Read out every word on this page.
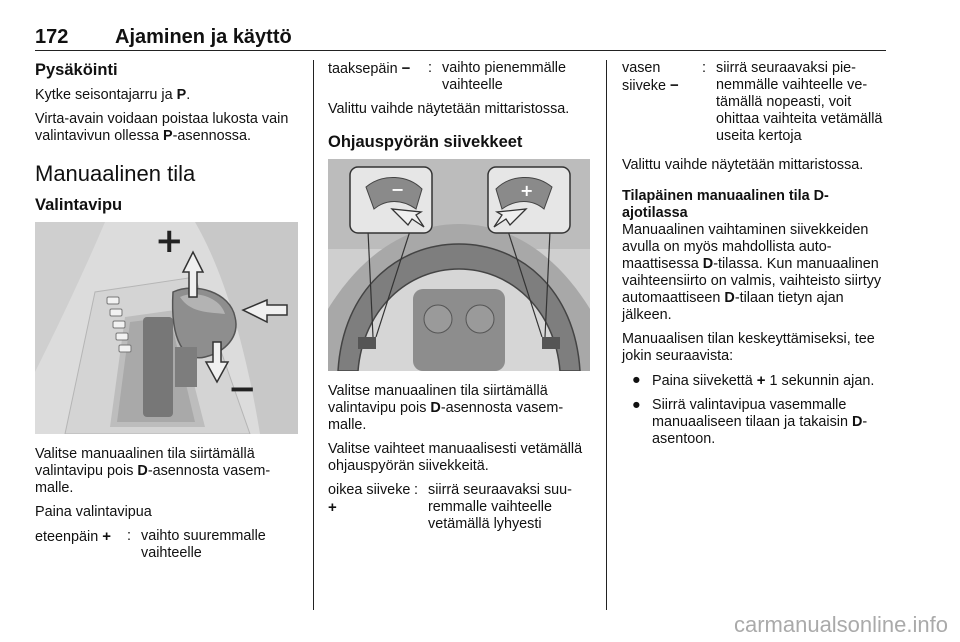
172 Ajaminen ja käyttö
Pysäköinti

Kytke seisontajarru ja P.

Virta-avain voidaan poistaa lukosta vain valintavivun ollessa P-asennossa.

Manuaalinen tila
Valintavipu
+
−

Valitse manuaalinen tila siirtämällä valintavipu pois D-asennosta vasemmalle.

Paina valintavipua

eteenpäin +	:	vaihto suuremmalle vaihteelle
taaksepäin −	:	vaihto pienemmälle vaihteelle

Valittu vaihde näytetään mittaristossa.

Ohjauspyörän siivekkeet
−	+

Valitse manuaalinen tila siirtämällä valintavipu pois D-asennosta vasemmalle.

Valitse vaihteet manuaalisesti vetämällä ohjauspyörän siivekkeitä.

oikea siiveke +	:	siirrä seuraavaksi suuremmalle vaihteelle vetämällä lyhyesti
vasen siiveke −	:	siirrä seuraavaksi pienemmälle vaihteelle vetämällä nopeasti, voit ohittaa vaihteita vetämällä useita kertoja

Valittu vaihde näytetään mittaristossa.

Tilapäinen manuaalinen tila D-ajotilassa

Manuaalinen vaihtaminen siivekkeiden avulla on myös mahdollista automaattisessa D-tilassa. Kun manuaalinen vaihteensiirto on valmis, vaihteisto siirtyy automaattiseen D-tilaan tietyn ajan jälkeen.

Manuaalisen tilan keskeyttämiseksi, tee jokin seuraavista:

● Paina siivekettä + 1 sekunnin ajan.
● Siirrä valintavipua vasemmalle manuaaliseen tilaan ja takaisin D-asentoon.
carmanualsonline.info
